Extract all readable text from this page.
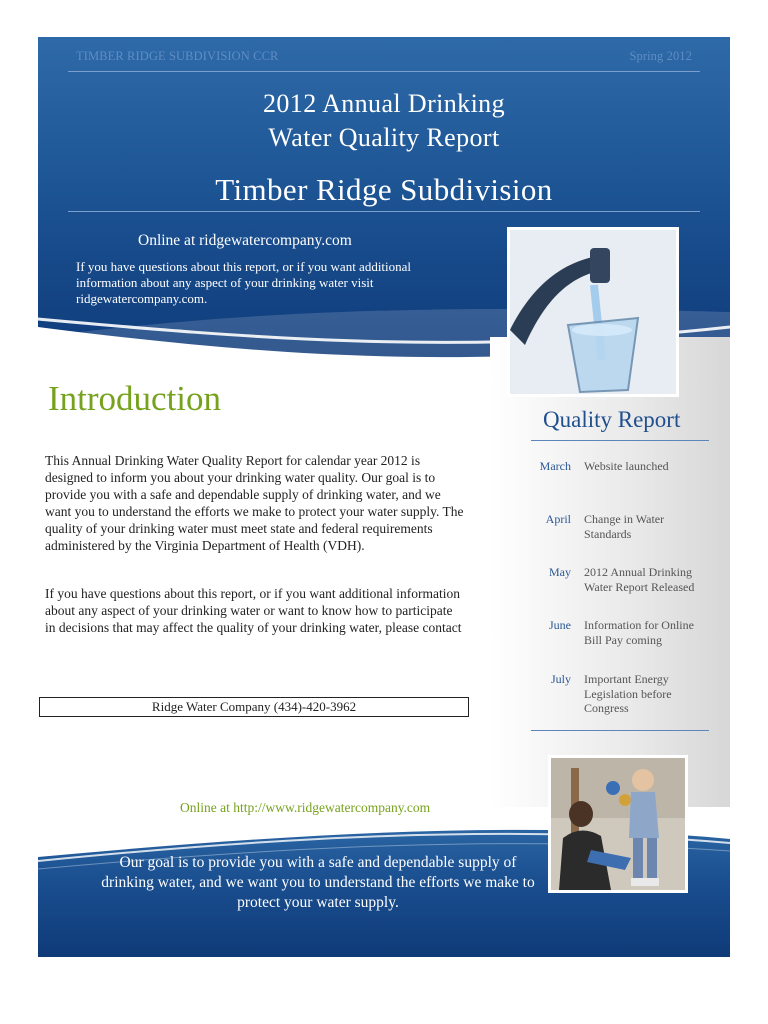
TIMBER RIDGE SUBDIVISION CCR	Spring 2012
2012 Annual Drinking
Water Quality Report
Timber Ridge Subdivision
Online at ridgewatercompany.com
If you have questions about this report, or if you want additional information about any aspect of your drinking water visit ridgewatercompany.com.
Quality Report
March Website launched
April Change in Water Standards
May 2012 Annual Drinking Water Report Released
June Information for Online Bill Pay coming
July Important Energy Legislation before Congress
Introduction
This Annual Drinking Water Quality Report for calendar year 2012 is designed to inform you about your drinking water quality. Our goal is to provide you with a safe and dependable supply of drinking water, and we want you to understand the efforts we make to protect your water supply. The quality of your drinking water must meet state and federal requirements administered by the Virginia Department of Health (VDH).
If you have questions about this report, or if you want additional information about any aspect of your drinking water or want to know how to participate in decisions that may affect the quality of your drinking water, please contact
Ridge Water Company (434)-420-3962
Online at http://www.ridgewatercompany.com
Our goal is to provide you with a safe and dependable supply of drinking water, and we want you to understand the efforts we make to protect your water supply.
